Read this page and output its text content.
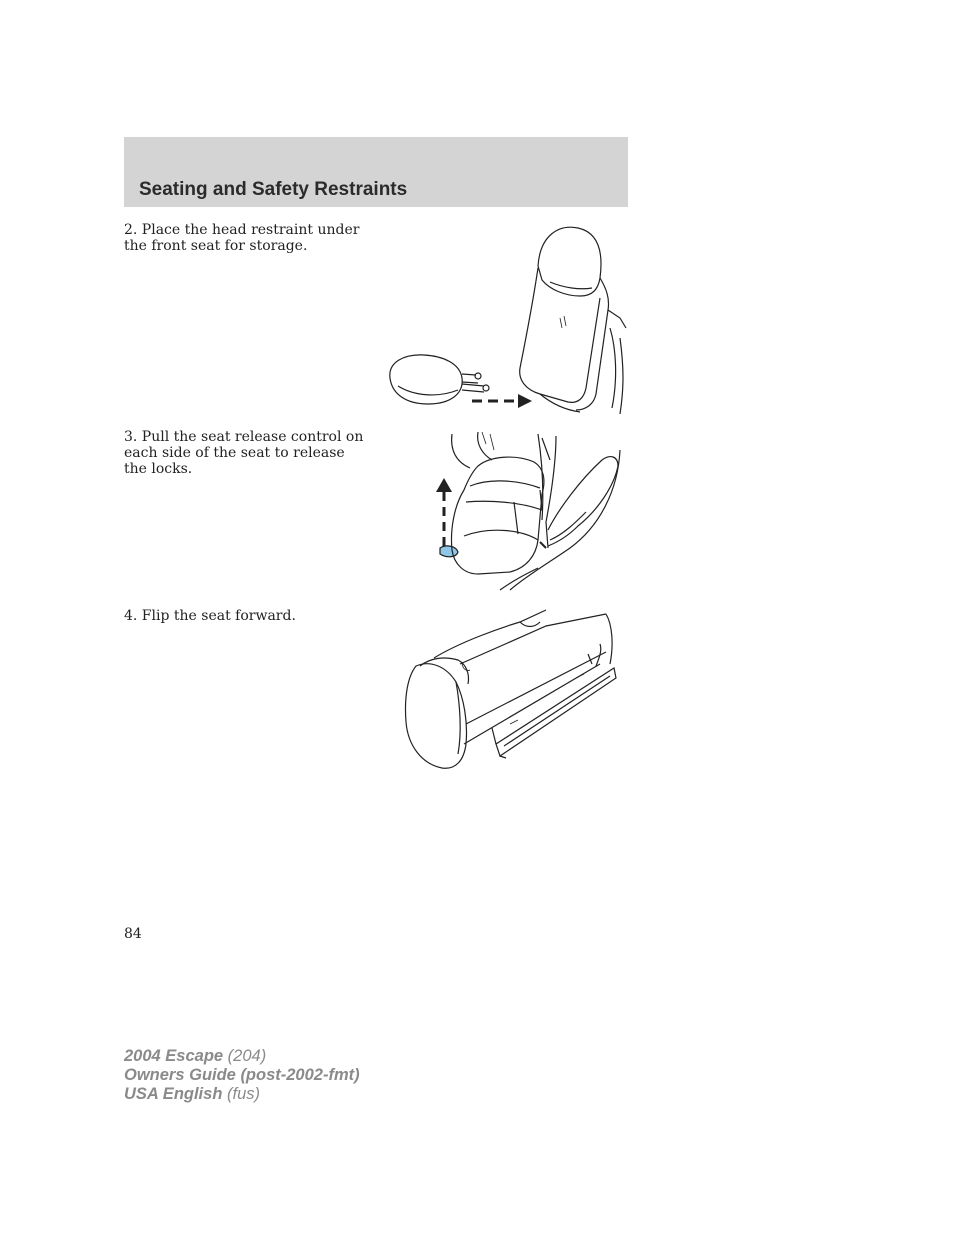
Seating and Safety Restraints

2. Place the head restraint under the front seat for storage.

3. Pull the seat release control on each side of the seat to release the locks.

4. Flip the seat forward.

84
2004 Escape (204)
Owners Guide (post-2002-fmt)
USA English (fus)
